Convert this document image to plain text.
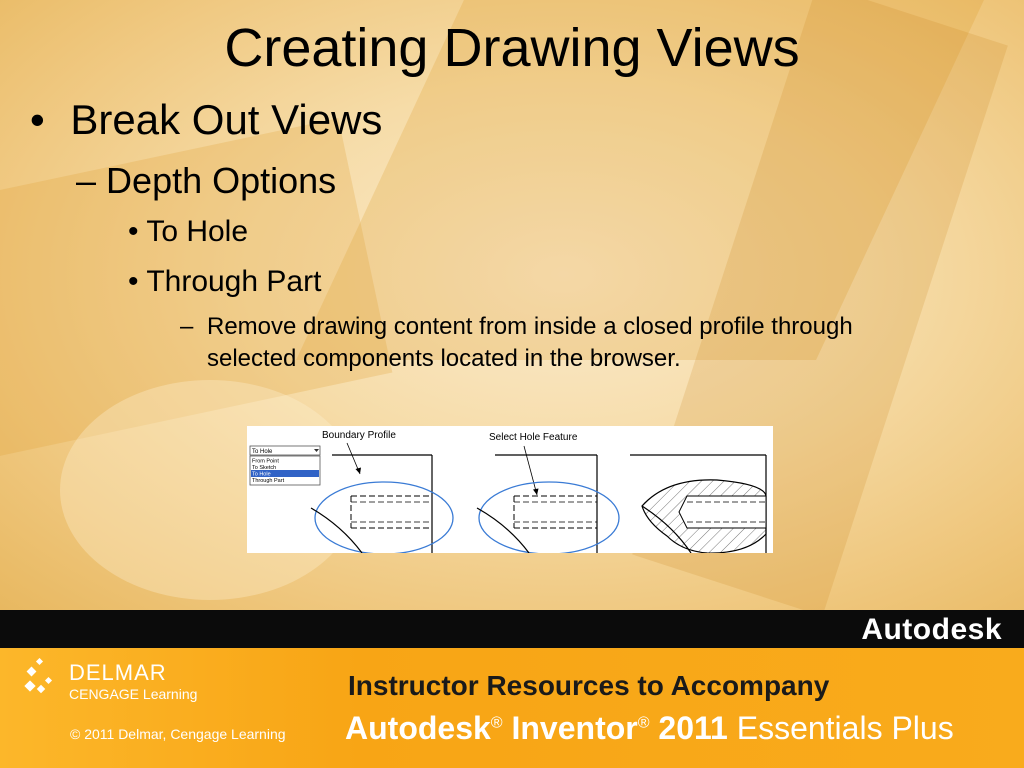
Creating Drawing Views
• Break Out Views
– Depth Options
• To Hole
• Through Part
– Remove drawing content from inside a closed profile through selected components located in the browser.
To Hole
From Point
To Sketch
To Hole
Through Part
Boundary Profile	Select Hole Feature
Autodesk
DELMAR
CENGAGE Learning
© 2011 Delmar, Cengage Learning
Instructor Resources to Accompany
Autodesk® Inventor® 2011 Essentials Plus
